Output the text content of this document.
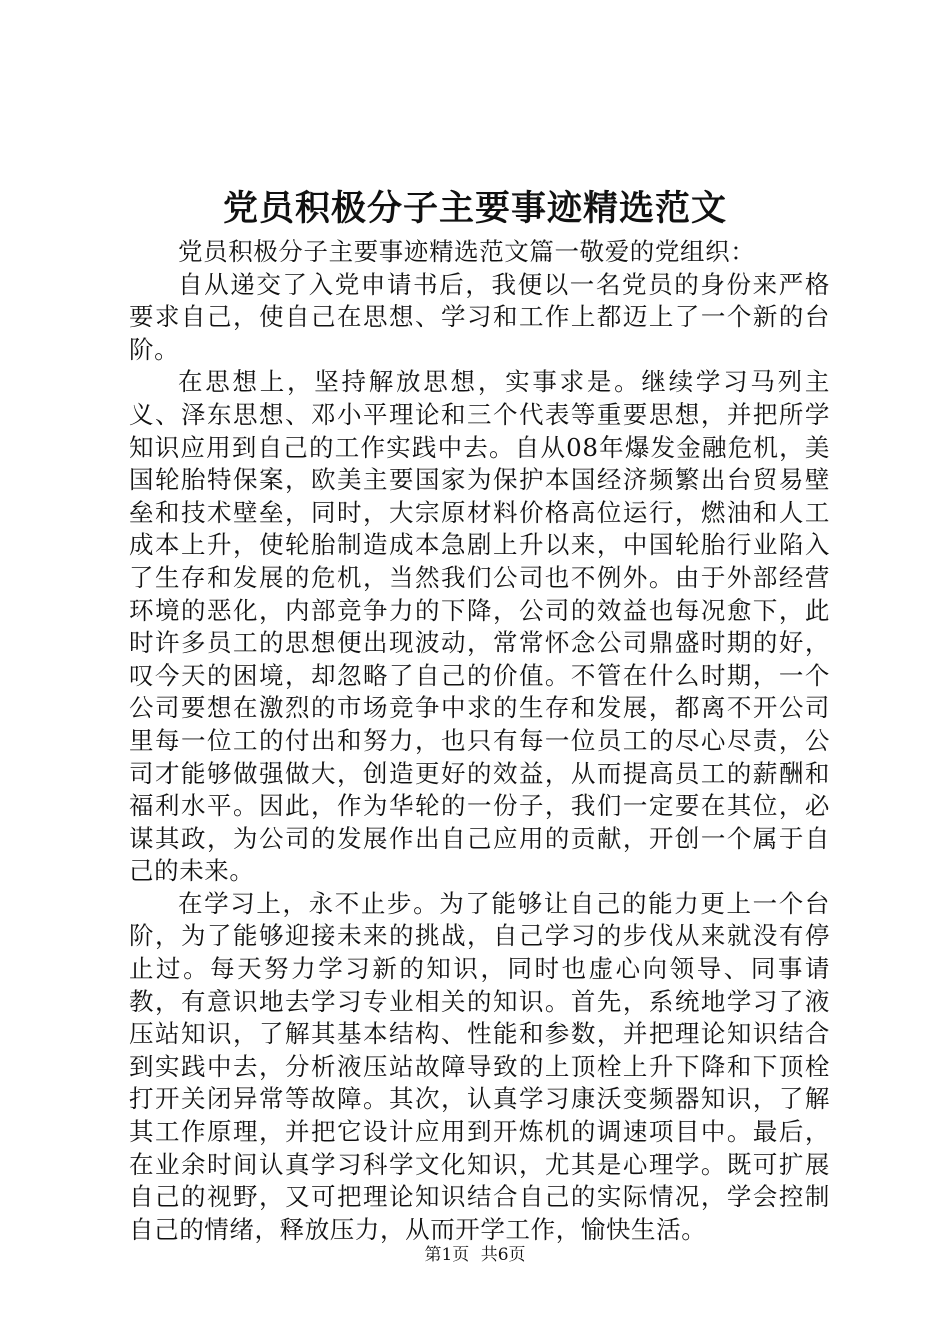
党员积极分子主要事迹精选范文

党员积极分子主要事迹精选范文篇一敬爱的党组织：

自从递交了入党申请书后，我便以一名党员的身份来严格要求自己，使自己在思想、学习和工作上都迈上了一个新的台阶。

在思想上，坚持解放思想，实事求是。继续学习马列主义、泽东思想、邓小平理论和三个代表等重要思想，并把所学知识应用到自己的工作实践中去。自从08年爆发金融危机，美国轮胎特保案，欧美主要国家为保护本国经济频繁出台贸易壁垒和技术壁垒，同时，大宗原材料价格高位运行，燃油和人工成本上升，使轮胎制造成本急剧上升以来，中国轮胎行业陷入了生存和发展的危机，当然我们公司也不例外。由于外部经营环境的恶化，内部竞争力的下降，公司的效益也每况愈下，此时许多员工的思想便出现波动，常常怀念公司鼎盛时期的好，叹今天的困境，却忽略了自己的价值。不管在什么时期，一个公司要想在激烈的市场竞争中求的生存和发展，都离不开公司里每一位工的付出和努力，也只有每一位员工的尽心尽责，公司才能够做强做大，创造更好的效益，从而提高员工的薪酬和福利水平。因此，作为华轮的一份子，我们一定要在其位，必谋其政，为公司的发展作出自己应用的贡献，开创一个属于自己的未来。

在学习上，永不止步。为了能够让自己的能力更上一个台阶，为了能够迎接未来的挑战，自己学习的步伐从来就没有停止过。每天努力学习新的知识，同时也虚心向领导、同事请教，有意识地去学习专业相关的知识。首先，系统地学习了液压站知识，了解其基本结构、性能和参数，并把理论知识结合到实践中去，分析液压站故障导致的上顶栓上升下降和下顶栓打开关闭异常等故障。其次，认真学习康沃变频器知识，了解其工作原理，并把它设计应用到开炼机的调速项目中。最后，在业余时间认真学习科学文化知识，尤其是心理学。既可扩展自己的视野，又可把理论知识结合自己的实际情况，学会控制自己的情绪，释放压力，从而开学工作，愉快生活。

第1页 共6页
